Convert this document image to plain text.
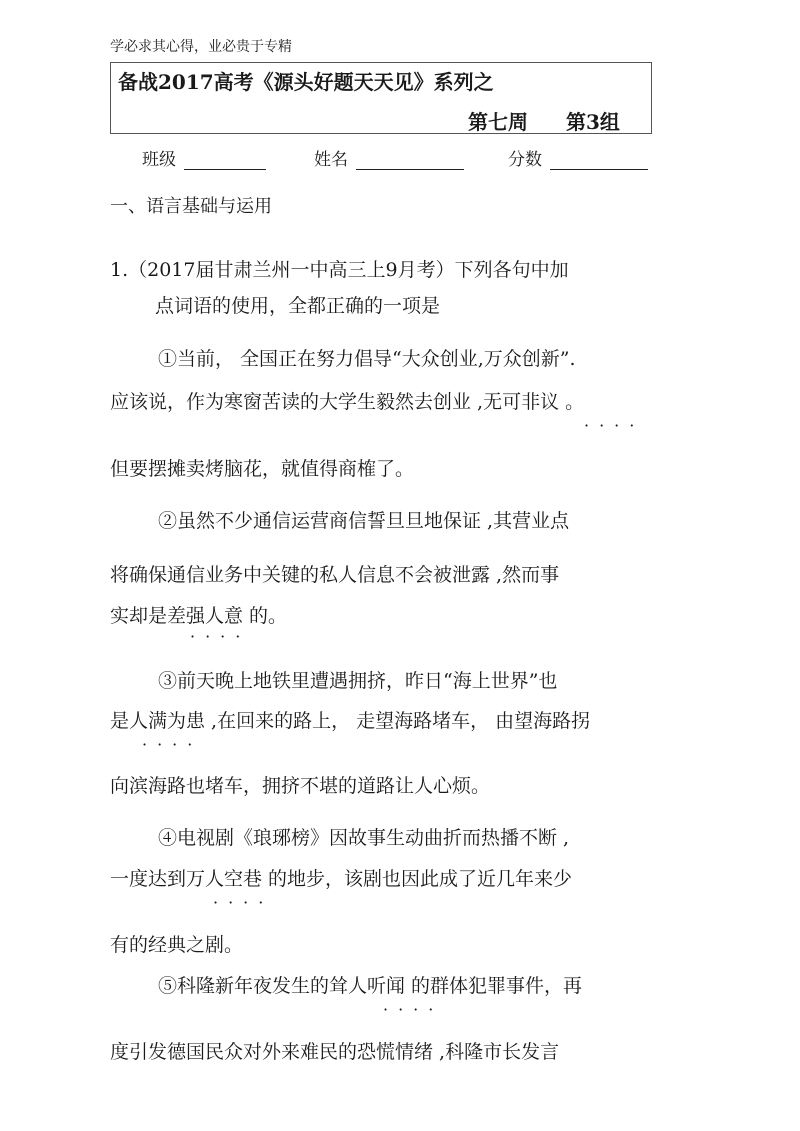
学必求其心得，业必贵于专精
备战2017高考《源头好题天天见》系列之
第七周 第3组
班级	姓名	分数
一、语言基础与运用
1.（2017届甘肃兰州一中高三上9月考）下列各句中加
点词语的使用，全都正确的一项是
①当前， 全国正在努力倡导“大众创业,万众创新”.
应该说，作为寒窗苦读的大学生毅然去创业 ,无可非议 。
····
但要摆摊卖烤脑花，就值得商榷了。
②虽然不少通信运营商信誓旦旦地保证 ,其营业点
将确保通信业务中关键的私人信息不会被泄露 ,然而事
实却是差强人意 的。
····
③前天晚上地铁里遭遇拥挤，昨日“海上世界”也
是人满为患 ,在回来的路上， 走望海路堵车， 由望海路拐
····
向滨海路也堵车，拥挤不堪的道路让人心烦。
④电视剧《琅琊榜》因故事生动曲折而热播不断 ,
一度达到万人空巷 的地步，该剧也因此成了近几年来少
····
有的经典之剧。
⑤科隆新年夜发生的耸人听闻 的群体犯罪事件，再
····
度引发德国民众对外来难民的恐慌情绪 ,科隆市长发言
